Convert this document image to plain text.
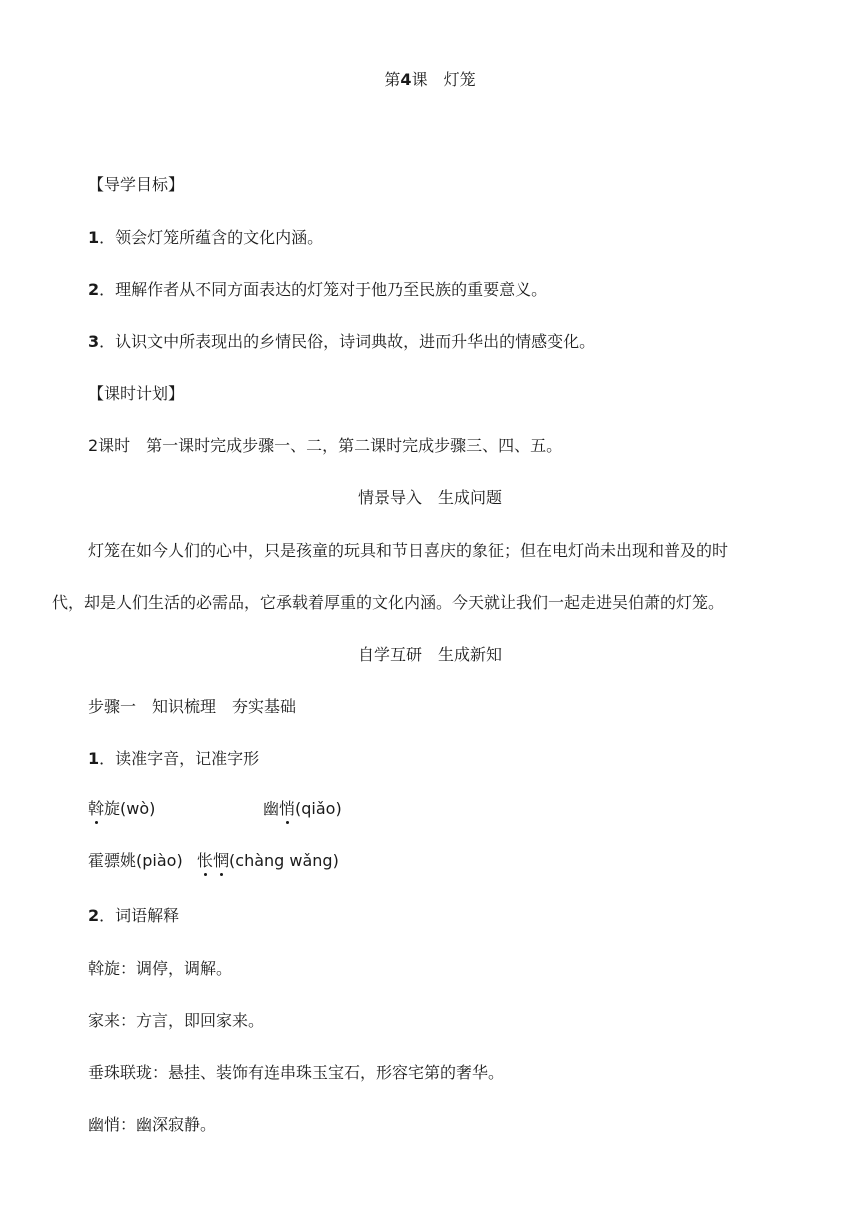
第4课　灯笼
【导学目标】
1．领会灯笼所蕴含的文化内涵。
2．理解作者从不同方面表达的灯笼对于他乃至民族的重要意义。
3．认识文中所表现出的乡情民俗，诗词典故，进而升华出的情感变化。
【课时计划】
2课时　第一课时完成步骤一、二，第二课时完成步骤三、四、五。
情景导入　生成问题
灯笼在如今人们的心中，只是孩童的玩具和节日喜庆的象征；但在电灯尚未出现和普及的时
代，却是人们生活的必需品，它承载着厚重的文化内涵。今天就让我们一起走进吴伯萧的灯笼。
自学互研　生成新知
步骤一　知识梳理　夯实基础
1．读准字音，记准字形
斡旋(wò)	幽悄(qiǎo)
霍骠姚(piào) 怅惘(chàng wǎng)
2．词语解释
斡旋：调停，调解。
家来：方言，即回家来。
垂珠联珑：悬挂、装饰有连串珠玉宝石，形容宅第的奢华。
幽悄：幽深寂静。
